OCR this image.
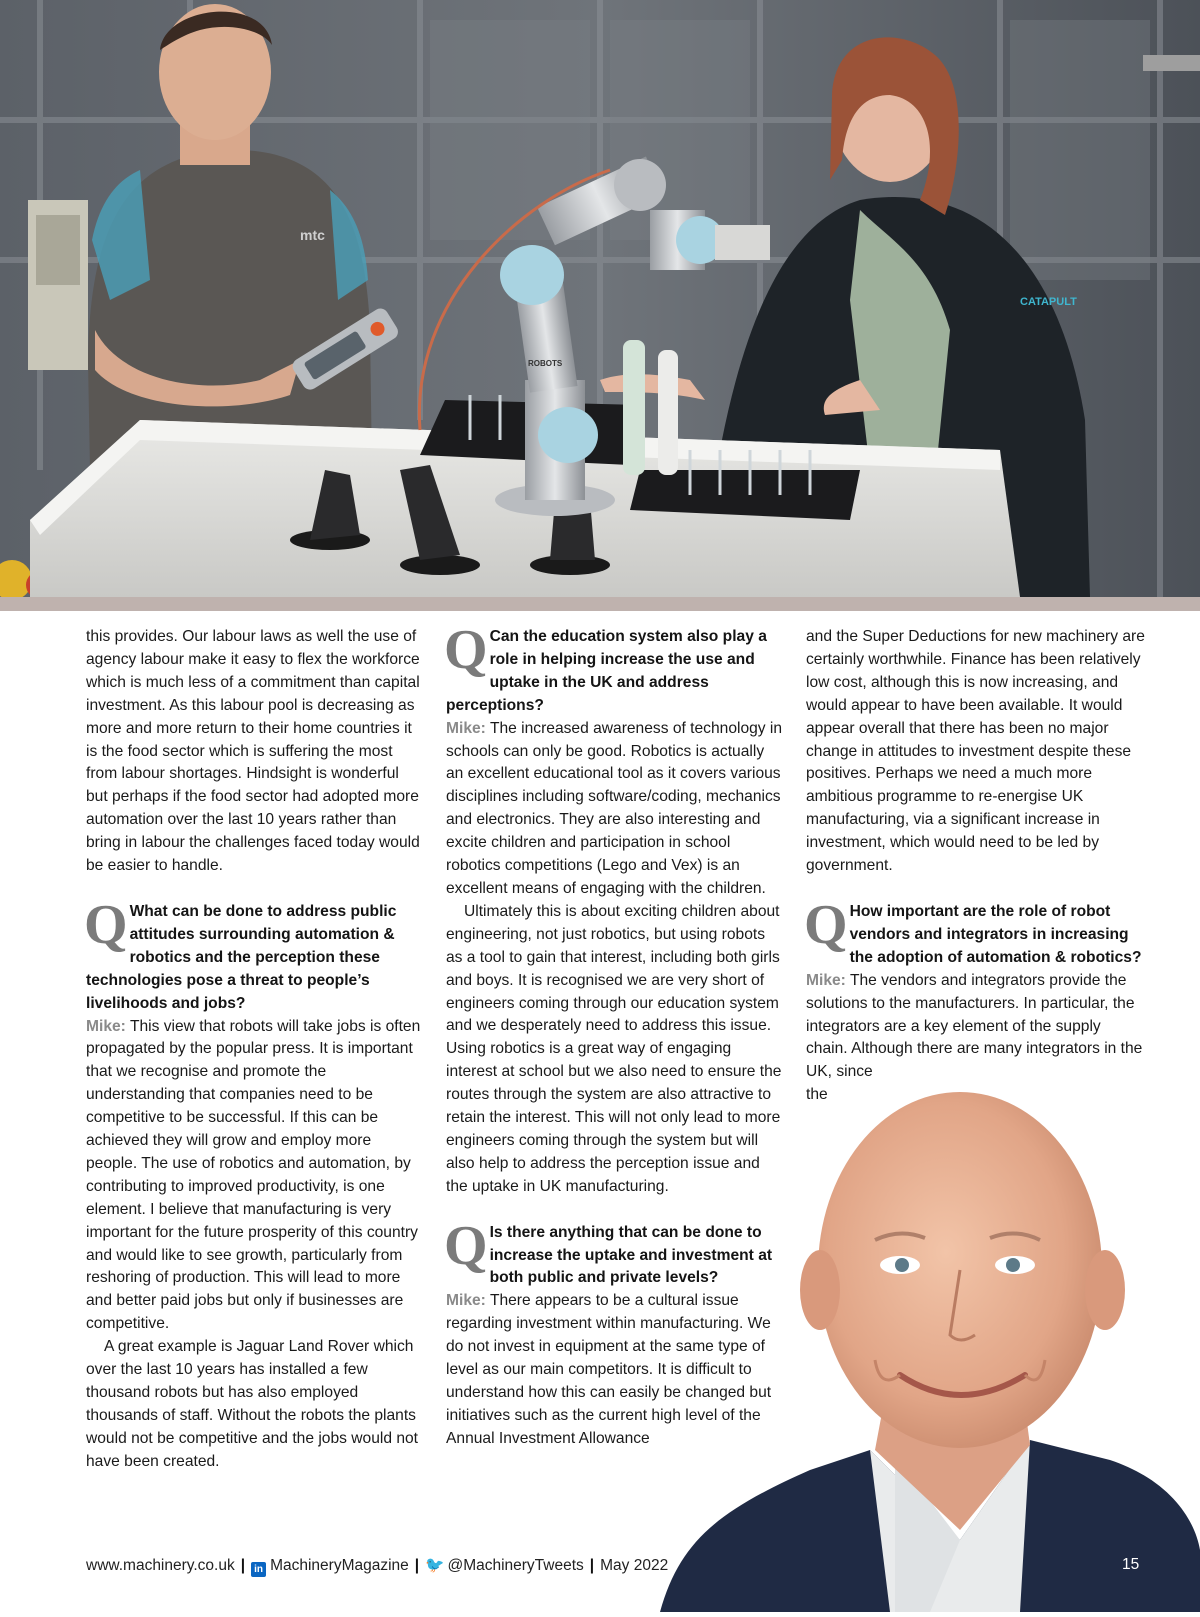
mtc
CATAPULT
ROBOTS

this provides. Our labour laws as well the use of agency labour make it easy to flex the workforce which is much less of a commitment than capital investment. As this labour pool is decreasing as more and more return to their home countries it is the food sector which is suffering the most from labour shortages. Hindsight is wonderful but perhaps if the food sector had adopted more automation over the last 10 years rather than bring in labour the challenges faced today would be easier to handle.

Q What can be done to address public attitudes surrounding automation & robotics and the perception these technologies pose a threat to people’s livelihoods and jobs?

Mike: This view that robots will take jobs is often propagated by the popular press. It is important that we recognise and promote the understanding that companies need to be competitive to be successful. If this can be achieved they will grow and employ more people. The use of robotics and automation, by contributing to improved productivity, is one element. I believe that manufacturing is very important for the future prosperity of this country and would like to see growth, particularly from reshoring of production. This will lead to more and better paid jobs but only if businesses are competitive.

A great example is Jaguar Land Rover which over the last 10 years has installed a few thousand robots but has also employed thousands of staff. Without the robots the plants would not be competitive and the jobs would not have been created.

Q Can the education system also play a role in helping increase the use and uptake in the UK and address perceptions?

Mike: The increased awareness of technology in schools can only be good. Robotics is actually an excellent educational tool as it covers various disciplines including software/coding, mechanics and electronics. They are also interesting and excite children and participation in school robotics competitions (Lego and Vex) is an excellent means of engaging with the children.

Ultimately this is about exciting children about engineering, not just robotics, but using robots as a tool to gain that interest, including both girls and boys. It is recognised we are very short of engineers coming through our education system and we desperately need to address this issue. Using robotics is a great way of engaging interest at school but we also need to ensure the routes through the system are also attractive to retain the interest. This will not only lead to more engineers coming through the system but will also help to address the perception issue and the uptake in UK manufacturing.

Q Is there anything that can be done to increase the uptake and investment at both public and private levels?

Mike: There appears to be a cultural issue regarding investment within manufacturing. We do not invest in equipment at the same type of level as our main competitors. It is difficult to understand how this can easily be changed but initiatives such as the current high level of the Annual Investment Allowance

and the Super Deductions for new machinery are certainly worthwhile. Finance has been relatively low cost, although this is now increasing, and would appear to have been available. It would appear overall that there has been no major change in attitudes to investment despite these positives. Perhaps we need a much more ambitious programme to re-energise UK manufacturing, via a significant increase in investment, which would need to be led by government.

Q How important are the role of robot vendors and integrators in increasing the adoption of automation & robotics?

Mike: The vendors and integrators provide the solutions to the manufacturers. In particular, the integrators are a key element of the supply chain. Although there are many integrators in the

UK, since

the

www.machinery.co.uk | in MachineryMagazine | 🐦 @MachineryTweets | May 2022	15
